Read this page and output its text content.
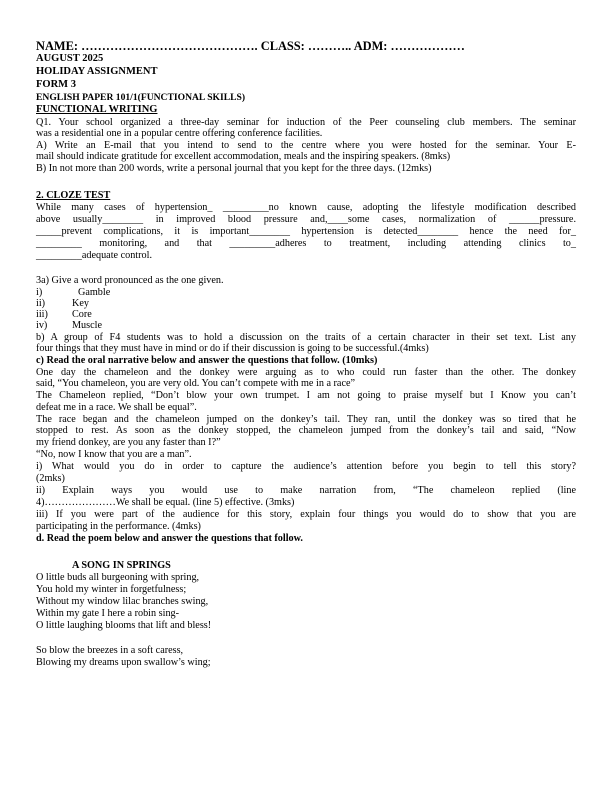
NAME: ……………………………………. CLASS: ……….. ADM: ………………
AUGUST 2025
HOLIDAY ASSIGNMENT
FORM 3
ENGLISH PAPER 101/1(FUNCTIONAL SKILLS)
FUNCTIONAL WRITING
Q1. Your school organized a three-day seminar for induction of the Peer counseling club members. The seminar
was a residential one in a popular centre offering conference facilities.
A) Write an E-mail that you intend to send to the centre where you were hosted for the seminar. Your E-
mail should indicate gratitude for excellent accommodation, meals and the inspiring speakers. (8mks)
B) In not more than 200 words, write a personal journal that you kept for the three days. (12mks)
2. CLOZE TEST
While many cases of hypertension_ _________no known cause, adopting the lifestyle modification described
above usually________ in improved blood pressure and,____some cases, normalization of ______pressure.
_____prevent complications, it is important________ hypertension is detected________ hence the need for_
_________ monitoring, and that _________adheres to treatment, including attending clinics to_
_________adequate control.
3a) Give a word pronounced as the one given.
i)	Gamble
ii)	Key
iii) Core
iv) Muscle
b) A group of F4 students was to hold a discussion on the traits of a certain character in their set text. List any
four things that they must have in mind or do if their discussion is going to be successful.(4mks)
c) Read the oral narrative below and answer the questions that follow. (10mks)
One day the chameleon and the donkey were arguing as to who could run faster than the other. The donkey
said, “You chameleon, you are very old. You can’t compete with me in a race”
The Chameleon replied, “Don’t blow your own trumpet. I am not going to praise myself but I Know you can’t
defeat me in a race. We shall be equal”.
The race began and the chameleon jumped on the donkey’s tail. They ran, until the donkey was so tired that he
stopped to rest. As soon as the donkey stopped, the chameleon jumped from the donkey’s tail and said, “Now
my friend donkey, are you any faster than I?”
“No, now I know that you are a man”.
i) What would you do in order to capture the audience’s attention before you begin to tell this story?
(2mks)
ii) Explain ways you would use to make narration from, “The chameleon replied (line
4)…………………We shall be equal. (line 5) effective. (3mks)
iii) If you were part of the audience for this story, explain four things you would do to show that you are
participating in the performance. (4mks)
d. Read the poem below and answer the questions that follow.
A SONG IN SPRINGS
O little buds all burgeoning with spring,
You hold my winter in forgetfulness;
Without my window lilac branches swing,
Within my gate I here a robin sing-
O little laughing blooms that lift and bless!
So blow the breezes in a soft caress,
Blowing my dreams upon swallow’s wing;
